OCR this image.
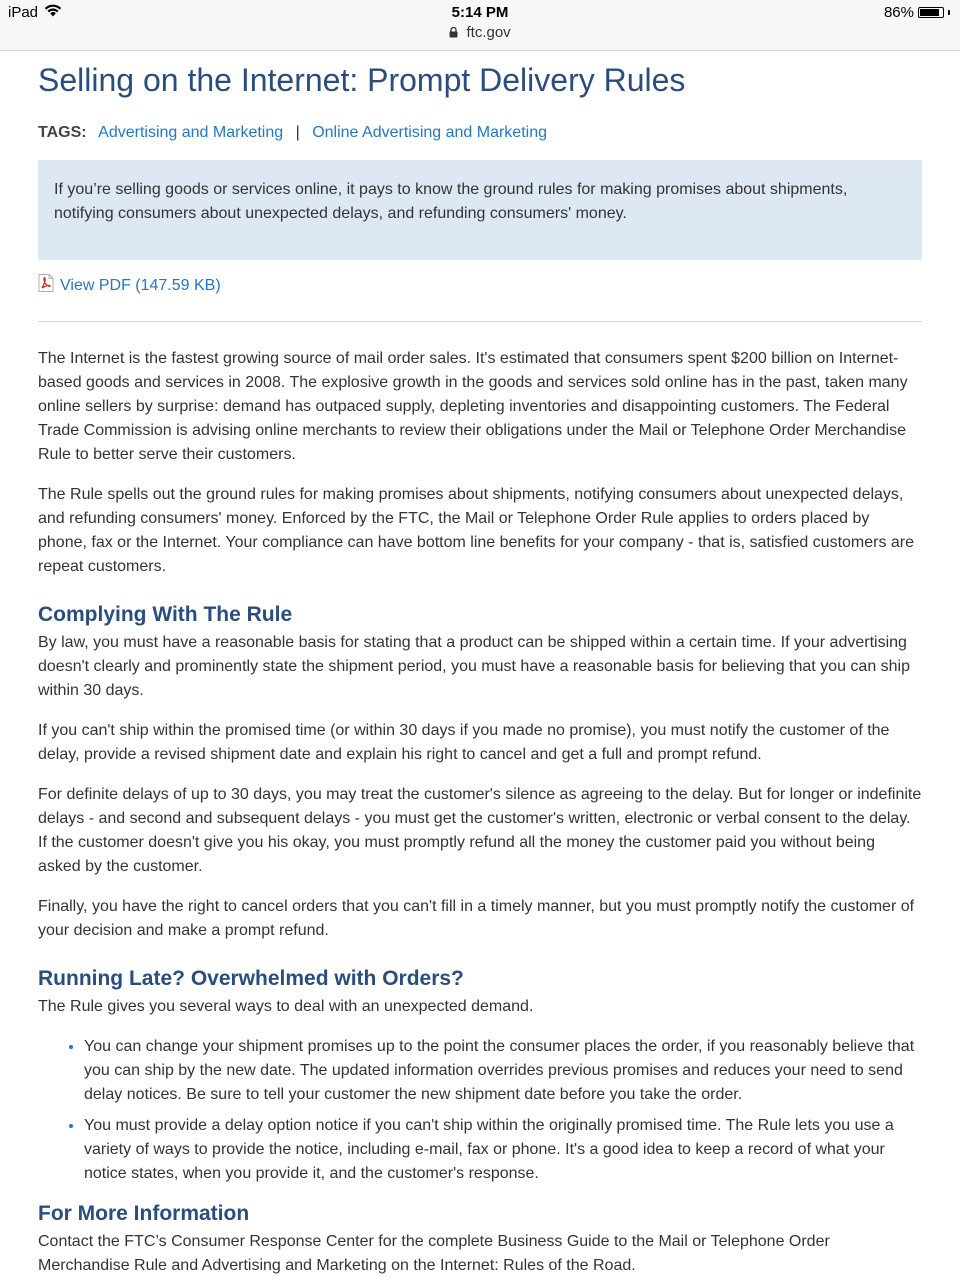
iPad	5:14 PM
ftc.gov
86%
Selling on the Internet: Prompt Delivery Rules
TAGS: Advertising and Marketing | Online Advertising and Marketing
If you’re selling goods or services online, it pays to know the ground rules for making promises about shipments, notifying consumers about unexpected delays, and refunding consumers' money.
View PDF (147.59 KB)

The Internet is the fastest growing source of mail order sales. It's estimated that consumers spent $200 billion on Internet-based goods and services in 2008. The explosive growth in the goods and services sold online has in the past, taken many online sellers by surprise: demand has outpaced supply, depleting inventories and disappointing customers. The Federal Trade Commission is advising online merchants to review their obligations under the Mail or Telephone Order Merchandise Rule to better serve their customers.

The Rule spells out the ground rules for making promises about shipments, notifying consumers about unexpected delays, and refunding consumers' money. Enforced by the FTC, the Mail or Telephone Order Rule applies to orders placed by phone, fax or the Internet. Your compliance can have bottom line benefits for your company - that is, satisfied customers are repeat customers.

Complying With The Rule

By law, you must have a reasonable basis for stating that a product can be shipped within a certain time. If your advertising doesn't clearly and prominently state the shipment period, you must have a reasonable basis for believing that you can ship within 30 days.

If you can't ship within the promised time (or within 30 days if you made no promise), you must notify the customer of the delay, provide a revised shipment date and explain his right to cancel and get a full and prompt refund.

For definite delays of up to 30 days, you may treat the customer's silence as agreeing to the delay. But for longer or indefinite delays - and second and subsequent delays - you must get the customer's written, electronic or verbal consent to the delay. If the customer doesn't give you his okay, you must promptly refund all the money the customer paid you without being asked by the customer.

Finally, you have the right to cancel orders that you can't fill in a timely manner, but you must promptly notify the customer of your decision and make a prompt refund.

Running Late? Overwhelmed with Orders?

The Rule gives you several ways to deal with an unexpected demand.

• You can change your shipment promises up to the point the consumer places the order, if you reasonably believe that you can ship by the new date. The updated information overrides previous promises and reduces your need to send delay notices. Be sure to tell your customer the new shipment date before you take the order.
• You must provide a delay option notice if you can't ship within the originally promised time. The Rule lets you use a variety of ways to provide the notice, including e-mail, fax or phone. It's a good idea to keep a record of what your notice states, when you provide it, and the customer's response.
For More Information

Contact the FTC’s Consumer Response Center for the complete Business Guide to the Mail or Telephone Order Merchandise Rule and Advertising and Marketing on the Internet: Rules of the Road.
